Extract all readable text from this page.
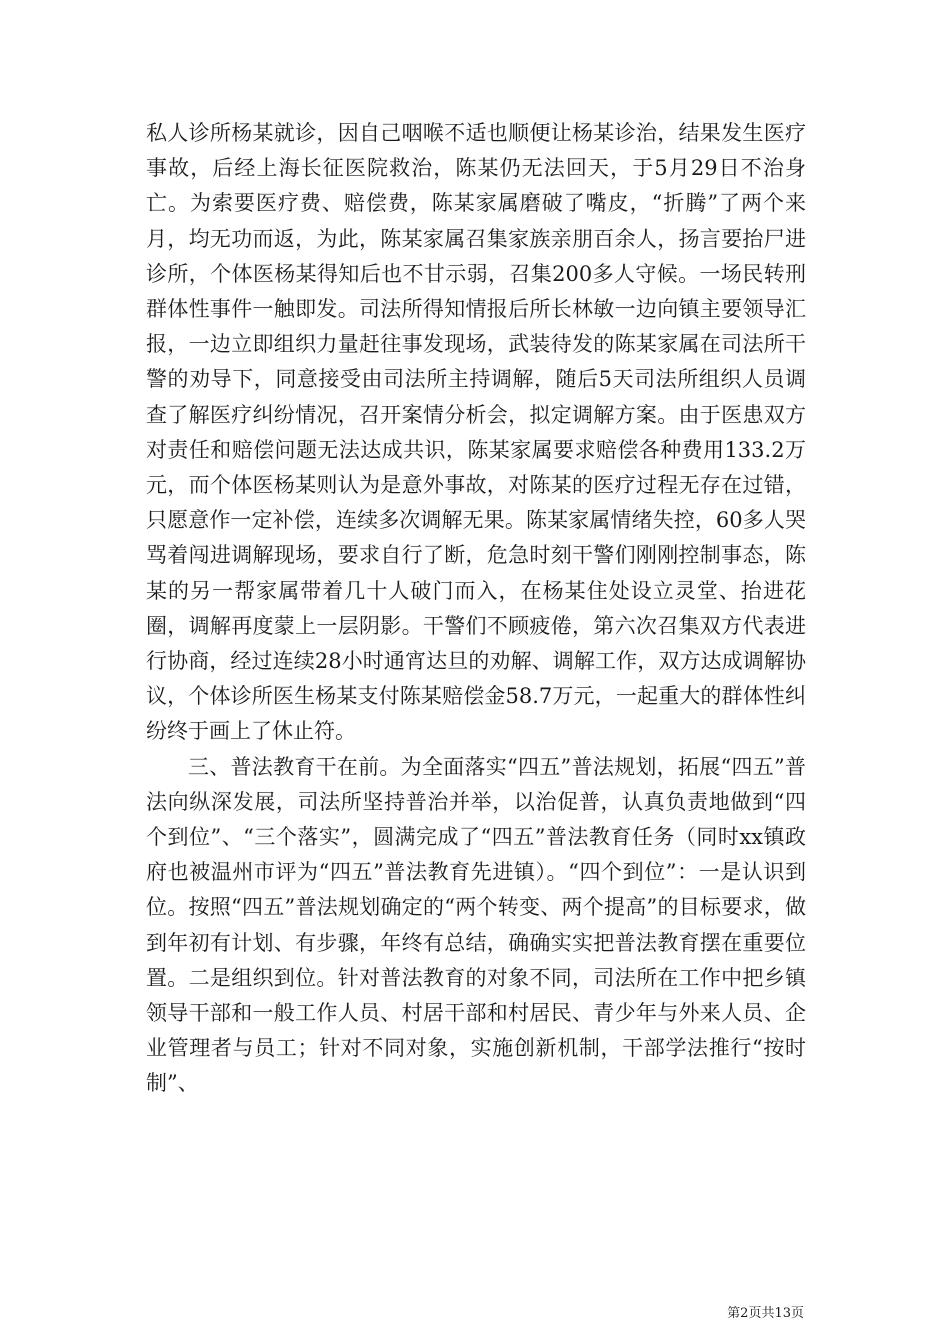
私人诊所杨某就诊，因自己咽喉不适也顺便让杨某诊治，结果发生医疗事故，后经上海长征医院救治，陈某仍无法回天，于5月29日不治身亡。为索要医疗费、赔偿费，陈某家属磨破了嘴皮，“折腾”了两个来月，均无功而返，为此，陈某家属召集家族亲朋百余人，扬言要抬尸进诊所，个体医杨某得知后也不甘示弱，召集200多人守候。一场民转刑群体性事件一触即发。司法所得知情报后所长林敏一边向镇主要领导汇报，一边立即组织力量赶往事发现场，武装待发的陈某家属在司法所干警的劝导下，同意接受由司法所主持调解，随后5天司法所组织人员调查了解医疗纠纷情况，召开案情分析会，拟定调解方案。由于医患双方对责任和赔偿问题无法达成共识，陈某家属要求赔偿各种费用133.2万元，而个体医杨某则认为是意外事故，对陈某的医疗过程无存在过错，只愿意作一定补偿，连续多次调解无果。陈某家属情绪失控，60多人哭骂着闯进调解现场，要求自行了断，危急时刻干警们刚刚控制事态，陈某的另一帮家属带着几十人破门而入，在杨某住处设立灵堂、抬进花圈，调解再度蒙上一层阴影。干警们不顾疲倦，第六次召集双方代表进行协商，经过连续28小时通宵达旦的劝解、调解工作，双方达成调解协议，个体诊所医生杨某支付陈某赔偿金58.7万元，一起重大的群体性纠纷终于画上了休止符。

三、普法教育干在前。为全面落实“四五”普法规划，拓展“四五”普法向纵深发展，司法所坚持普治并举，以治促普，认真负责地做到“四个到位”、“三个落实”，圆满完成了“四五”普法教育任务（同时xx镇政府也被温州市评为“四五”普法教育先进镇）。“四个到位”：一是认识到位。按照“四五”普法规划确定的“两个转变、两个提高”的目标要求，做到年初有计划、有步骤，年终有总结，确确实实把普法教育摆在重要位置。二是组织到位。针对普法教育的对象不同，司法所在工作中把乡镇领导干部和一般工作人员、村居干部和村居民、青少年与外来人员、企业管理者与员工；针对不同对象，实施创新机制，干部学法推行“按时制”、

第2页共13页
